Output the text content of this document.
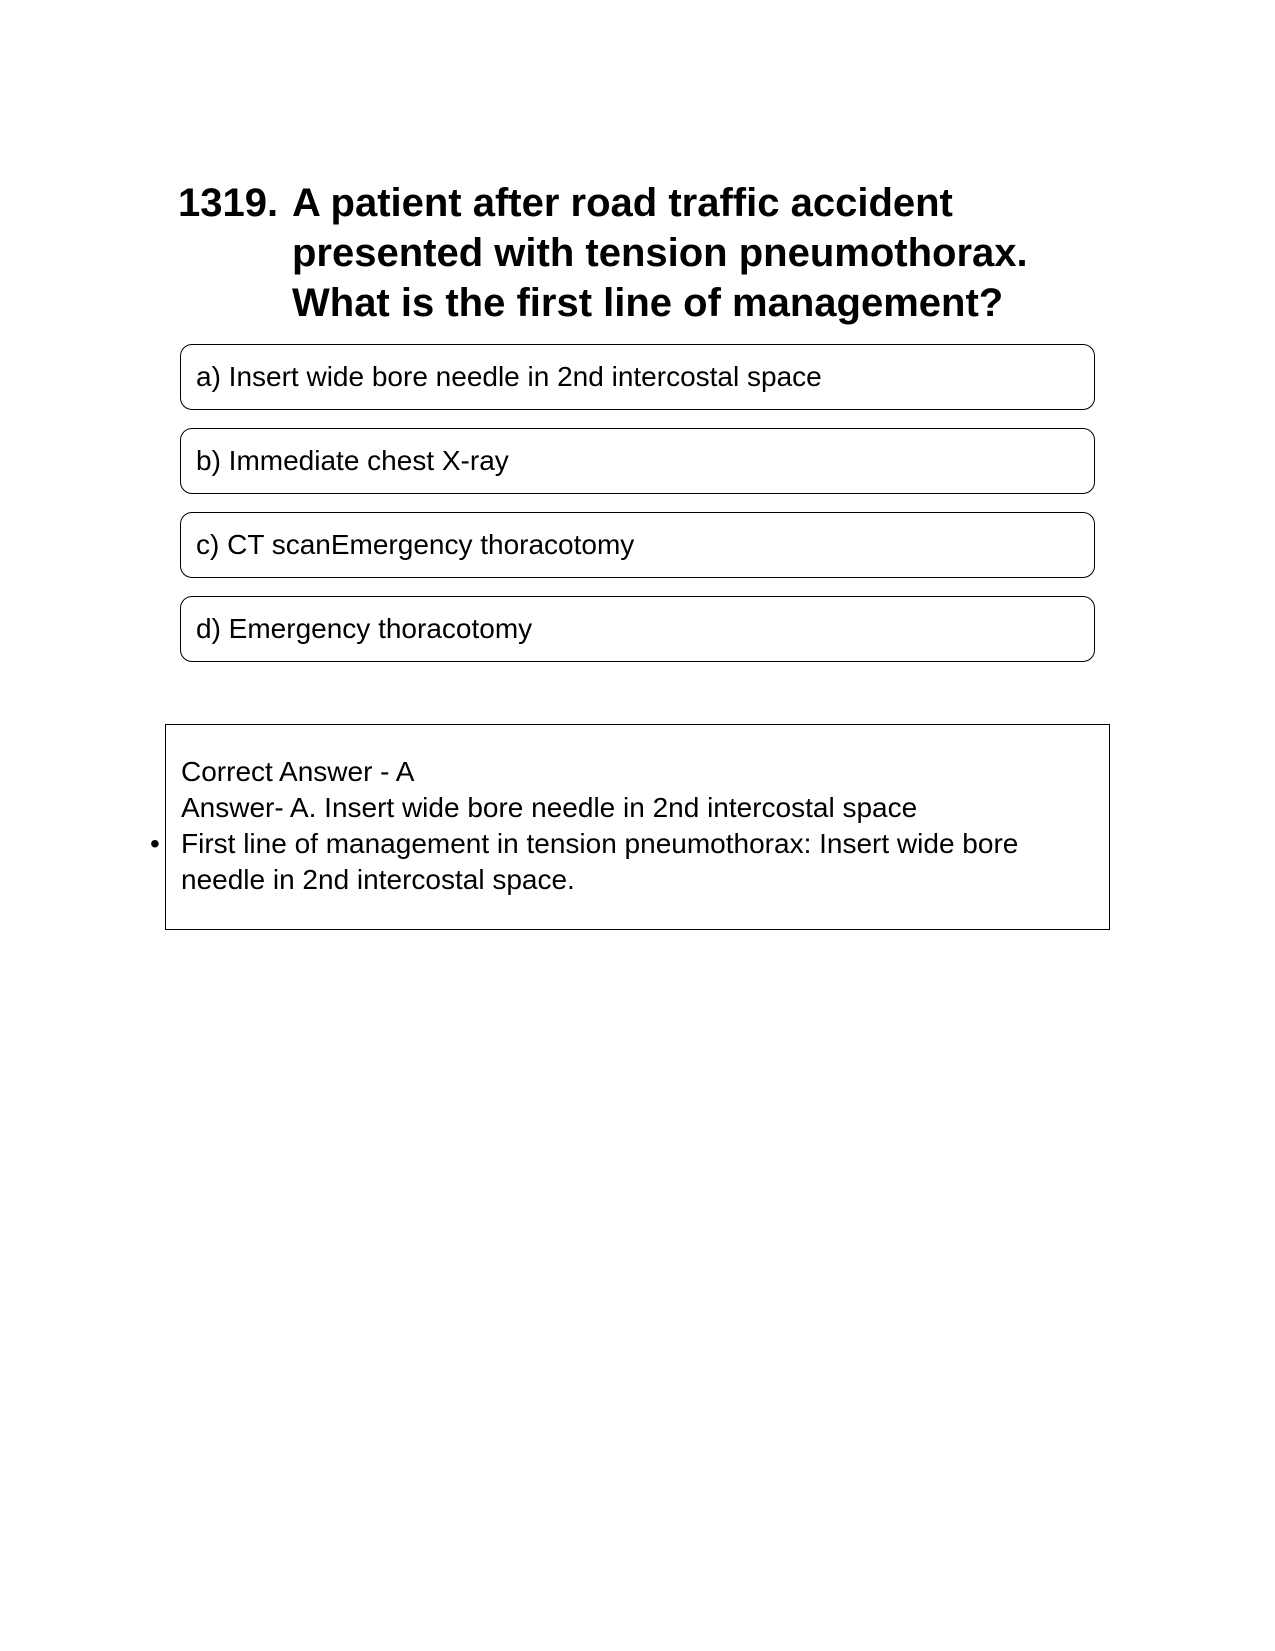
1319. A patient after road traffic accident
presented with tension pneumothorax.
What is the first line of management?
a) Insert wide bore needle in 2nd intercostal space
b) Immediate chest X-ray
c) CT scanEmergency thoracotomy
d) Emergency thoracotomy
Correct Answer - A
Answer- A. Insert wide bore needle in 2nd intercostal space
• First line of management in tension pneumothorax: Insert wide bore needle in 2nd intercostal space.
